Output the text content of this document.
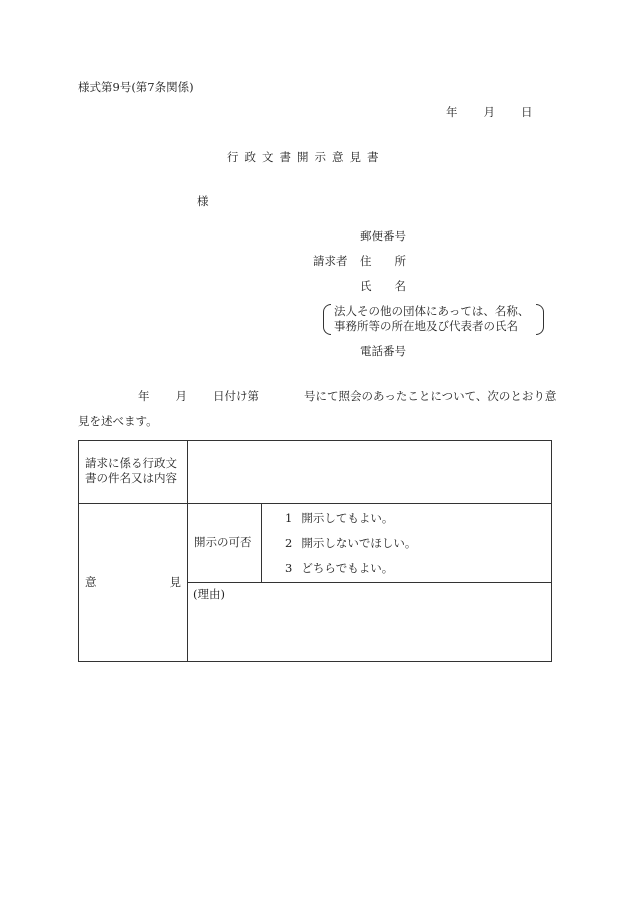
様式第9号(第7条関係)
年 月 日
行 政 文 書 開 示 意 見 書
様
郵便番号
請求者 住 所
氏 名
法人その他の団体にあっては、名称、
事務所等の所在地及び代表者の氏名
電話番号
年 月 日付け第	号にて照会のあったことについて、次のとおり意
見を述べます。
請求に係る行政文
書の件名又は内容
意	見
開示の可否
1 開示してもよい。
2 開示しないでほしい。
3 どちらでもよい。
(理由)
